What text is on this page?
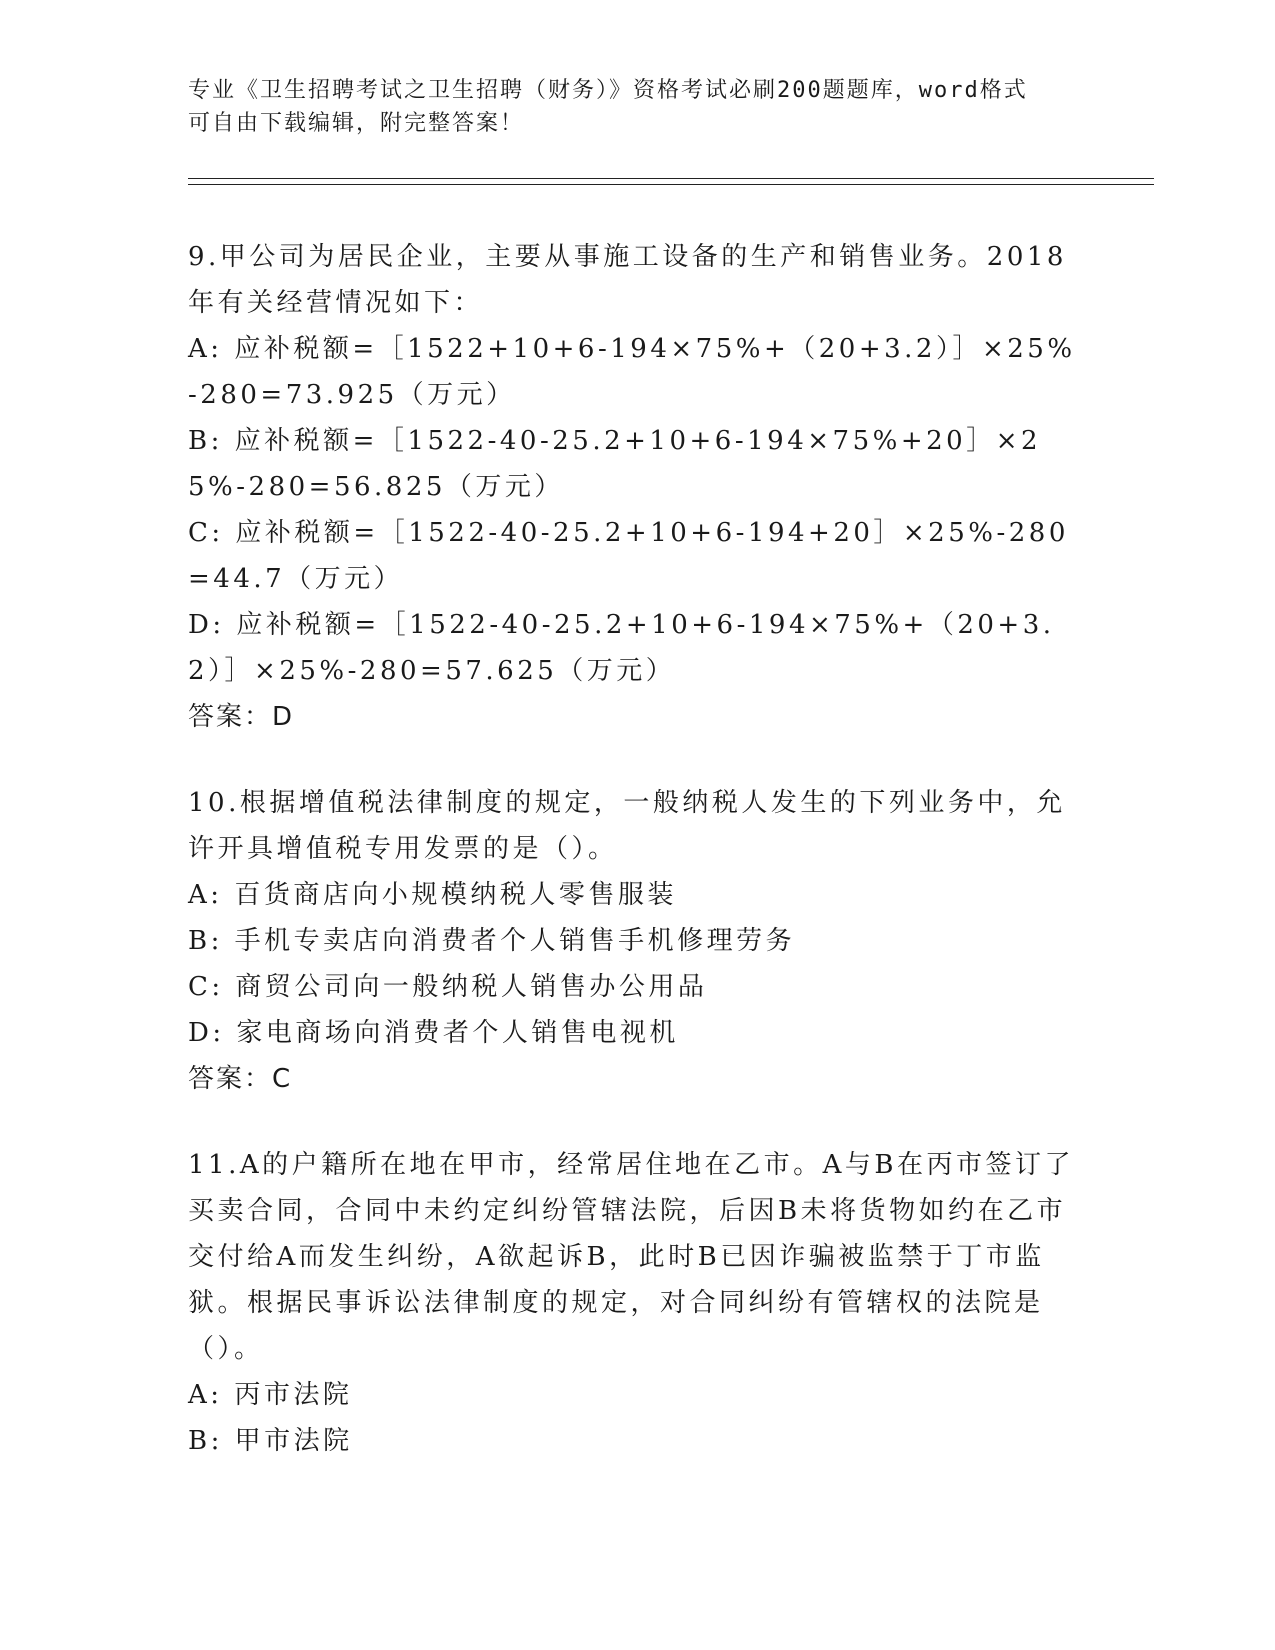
专业《卫生招聘考试之卫生招聘（财务）》资格考试必刷200题题库，word格式
可自由下载编辑，附完整答案！
9.甲公司为居民企业，主要从事施工设备的生产和销售业务。2018年有关经营情况如下：
A: 应补税额=［1522+10+6-194×75%+（20+3.2）］×25%-280=73.925（万元）
B: 应补税额=［1522-40-25.2+10+6-194×75%+20］×25%-280=56.825（万元）
C: 应补税额=［1522-40-25.2+10+6-194+20］×25%-280=44.7（万元）
D: 应补税额=［1522-40-25.2+10+6-194×75%+（20+3.2）］×25%-280=57.625（万元）
答案：D
10.根据增值税法律制度的规定，一般纳税人发生的下列业务中，允许开具增值税专用发票的是（）。
A: 百货商店向小规模纳税人零售服装
B: 手机专卖店向消费者个人销售手机修理劳务
C: 商贸公司向一般纳税人销售办公用品
D: 家电商场向消费者个人销售电视机
答案：C
11.A的户籍所在地在甲市，经常居住地在乙市。A与B在丙市签订了买卖合同，合同中未约定纠纷管辖法院，后因B未将货物如约在乙市交付给A而发生纠纷，A欲起诉B，此时B已因诈骗被监禁于丁市监狱。根据民事诉讼法律制度的规定，对合同纠纷有管辖权的法院是（）。
A: 丙市法院
B: 甲市法院
